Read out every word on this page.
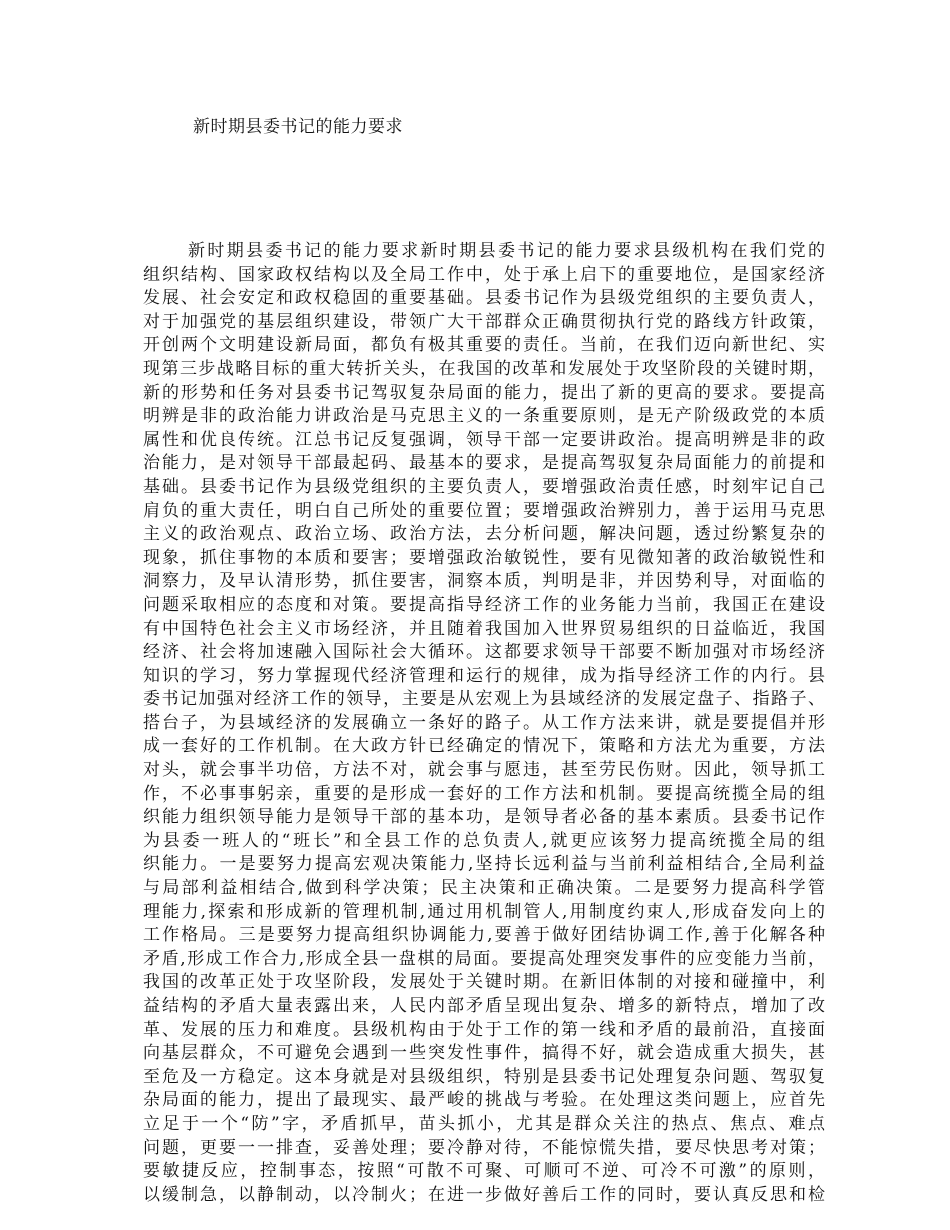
新时期县委书记的能力要求
新时期县委书记的能力要求新时期县委书记的能力要求县级机构在我们党的
组织结构、国家政权结构以及全局工作中，处于承上启下的重要地位，是国家经济
发展、社会安定和政权稳固的重要基础。县委书记作为县级党组织的主要负责人，
对于加强党的基层组织建设，带领广大干部群众正确贯彻执行党的路线方针政策，
开创两个文明建设新局面，都负有极其重要的责任。当前，在我们迈向新世纪、实
现第三步战略目标的重大转折关头，在我国的改革和发展处于攻坚阶段的关键时期，
新的形势和任务对县委书记驾驭复杂局面的能力，提出了新的更高的要求。要提高
明辨是非的政治能力讲政治是马克思主义的一条重要原则，是无产阶级政党的本质
属性和优良传统。江总书记反复强调，领导干部一定要讲政治。提高明辨是非的政
治能力，是对领导干部最起码、最基本的要求，是提高驾驭复杂局面能力的前提和
基础。县委书记作为县级党组织的主要负责人，要增强政治责任感，时刻牢记自己
肩负的重大责任，明白自己所处的重要位置；要增强政治辨别力，善于运用马克思
主义的政治观点、政治立场、政治方法，去分析问题，解决问题，透过纷繁复杂的
现象，抓住事物的本质和要害；要增强政治敏锐性，要有见微知著的政治敏锐性和
洞察力，及早认清形势，抓住要害，洞察本质，判明是非，并因势利导，对面临的
问题采取相应的态度和对策。要提高指导经济工作的业务能力当前，我国正在建设
有中国特色社会主义市场经济，并且随着我国加入世界贸易组织的日益临近，我国
经济、社会将加速融入国际社会大循环。这都要求领导干部要不断加强对市场经济
知识的学习，努力掌握现代经济管理和运行的规律，成为指导经济工作的内行。县
委书记加强对经济工作的领导，主要是从宏观上为县域经济的发展定盘子、指路子、
搭台子，为县域经济的发展确立一条好的路子。从工作方法来讲，就是要提倡并形
成一套好的工作机制。在大政方针已经确定的情况下，策略和方法尤为重要，方法
对头，就会事半功倍，方法不对，就会事与愿违，甚至劳民伤财。因此，领导抓工
作，不必事事躬亲，重要的是形成一套好的工作方法和机制。要提高统揽全局的组
织能力组织领导能力是领导干部的基本功，是领导者必备的基本素质。县委书记作
为县委一班人的“班长”和全县工作的总负责人,就更应该努力提高统揽全局的组
织能力。一是要努力提高宏观决策能力,坚持长远利益与当前利益相结合,全局利益
与局部利益相结合,做到科学决策；民主决策和正确决策。二是要努力提高科学管
理能力,探索和形成新的管理机制,通过用机制管人,用制度约束人,形成奋发向上的
工作格局。三是要努力提高组织协调能力,要善于做好团结协调工作,善于化解各种
矛盾,形成工作合力,形成全县一盘棋的局面。要提高处理突发事件的应变能力当前，
我国的改革正处于攻坚阶段，发展处于关键时期。在新旧体制的对接和碰撞中，利
益结构的矛盾大量表露出来，人民内部矛盾呈现出复杂、增多的新特点，增加了改
革、发展的压力和难度。县级机构由于处于工作的第一线和矛盾的最前沿，直接面
向基层群众，不可避免会遇到一些突发性事件，搞得不好，就会造成重大损失，甚
至危及一方稳定。这本身就是对县级组织，特别是县委书记处理复杂问题、驾驭复
杂局面的能力，提出了最现实、最严峻的挑战与考验。在处理这类问题上，应首先
立足于一个“防”字，矛盾抓早，苗头抓小，尤其是群众关注的热点、焦点、难点
问题，更要一一排查，妥善处理；要冷静对待，不能惊慌失措，要尽快思考对策；
要敏捷反应，控制事态，按照“可散不可聚、可顺可不逆、可冷不可激”的原则，
以缓制急，以静制动，以冷制火；在进一步做好善后工作的同时，要认真反思和检
